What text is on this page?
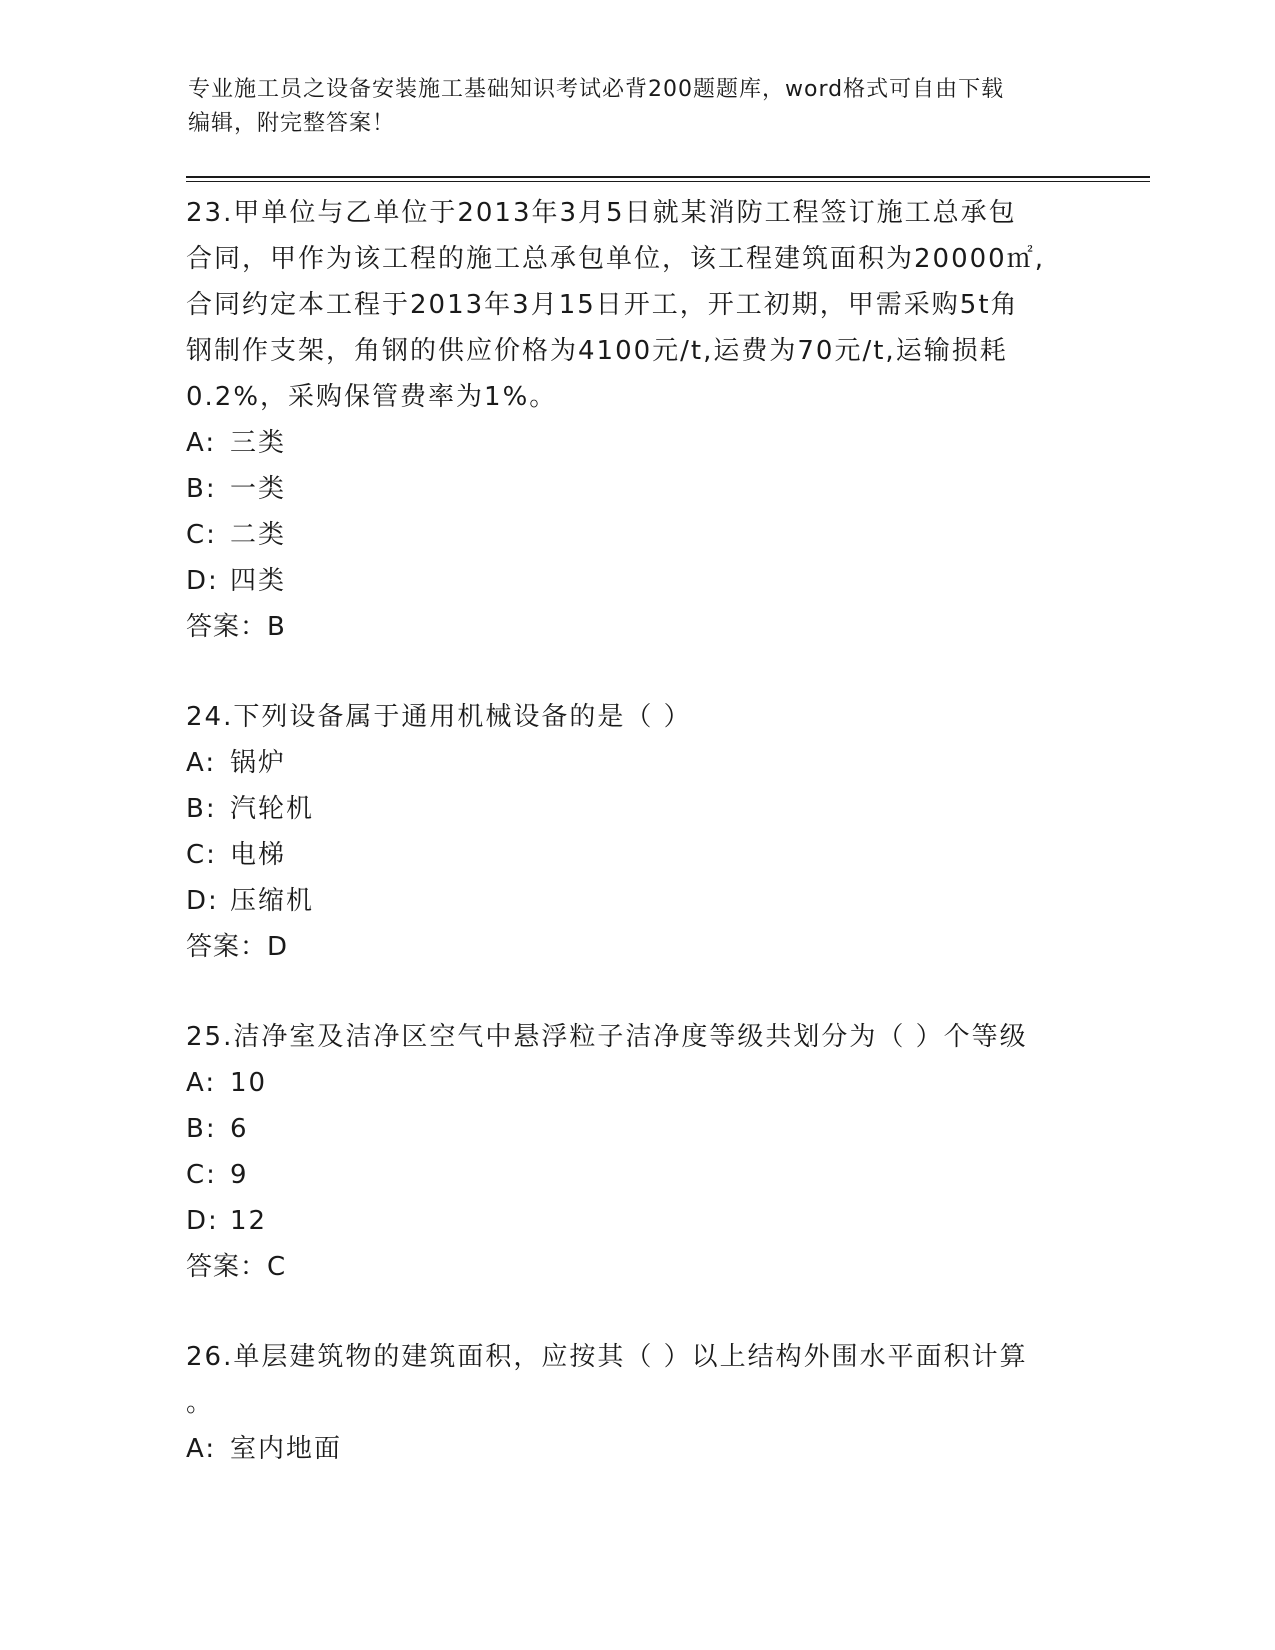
专业施工员之设备安装施工基础知识考试必背200题题库，word格式可自由下载
编辑，附完整答案！

23.甲单位与乙单位于2013年3月5日就某消防工程签订施工总承包

合同，甲作为该工程的施工总承包单位，该工程建筑面积为20000㎡,

合同约定本工程于2013年3月15日开工，开工初期，甲需采购5t角

钢制作支架，角钢的供应价格为4100元/t,运费为70元/t,运输损耗

0.2%，采购保管费率为1%。

A: 三类

B: 一类

C: 二类

D: 四类

答案：B

24.下列设备属于通用机械设备的是（ ）

A: 锅炉

B: 汽轮机

C: 电梯

D: 压缩机

答案：D

25.洁净室及洁净区空气中悬浮粒子洁净度等级共划分为（ ）个等级

A: 10

B: 6

C: 9

D: 12

答案：C

26.单层建筑物的建筑面积，应按其（ ）以上结构外围水平面积计算

。

A: 室内地面
